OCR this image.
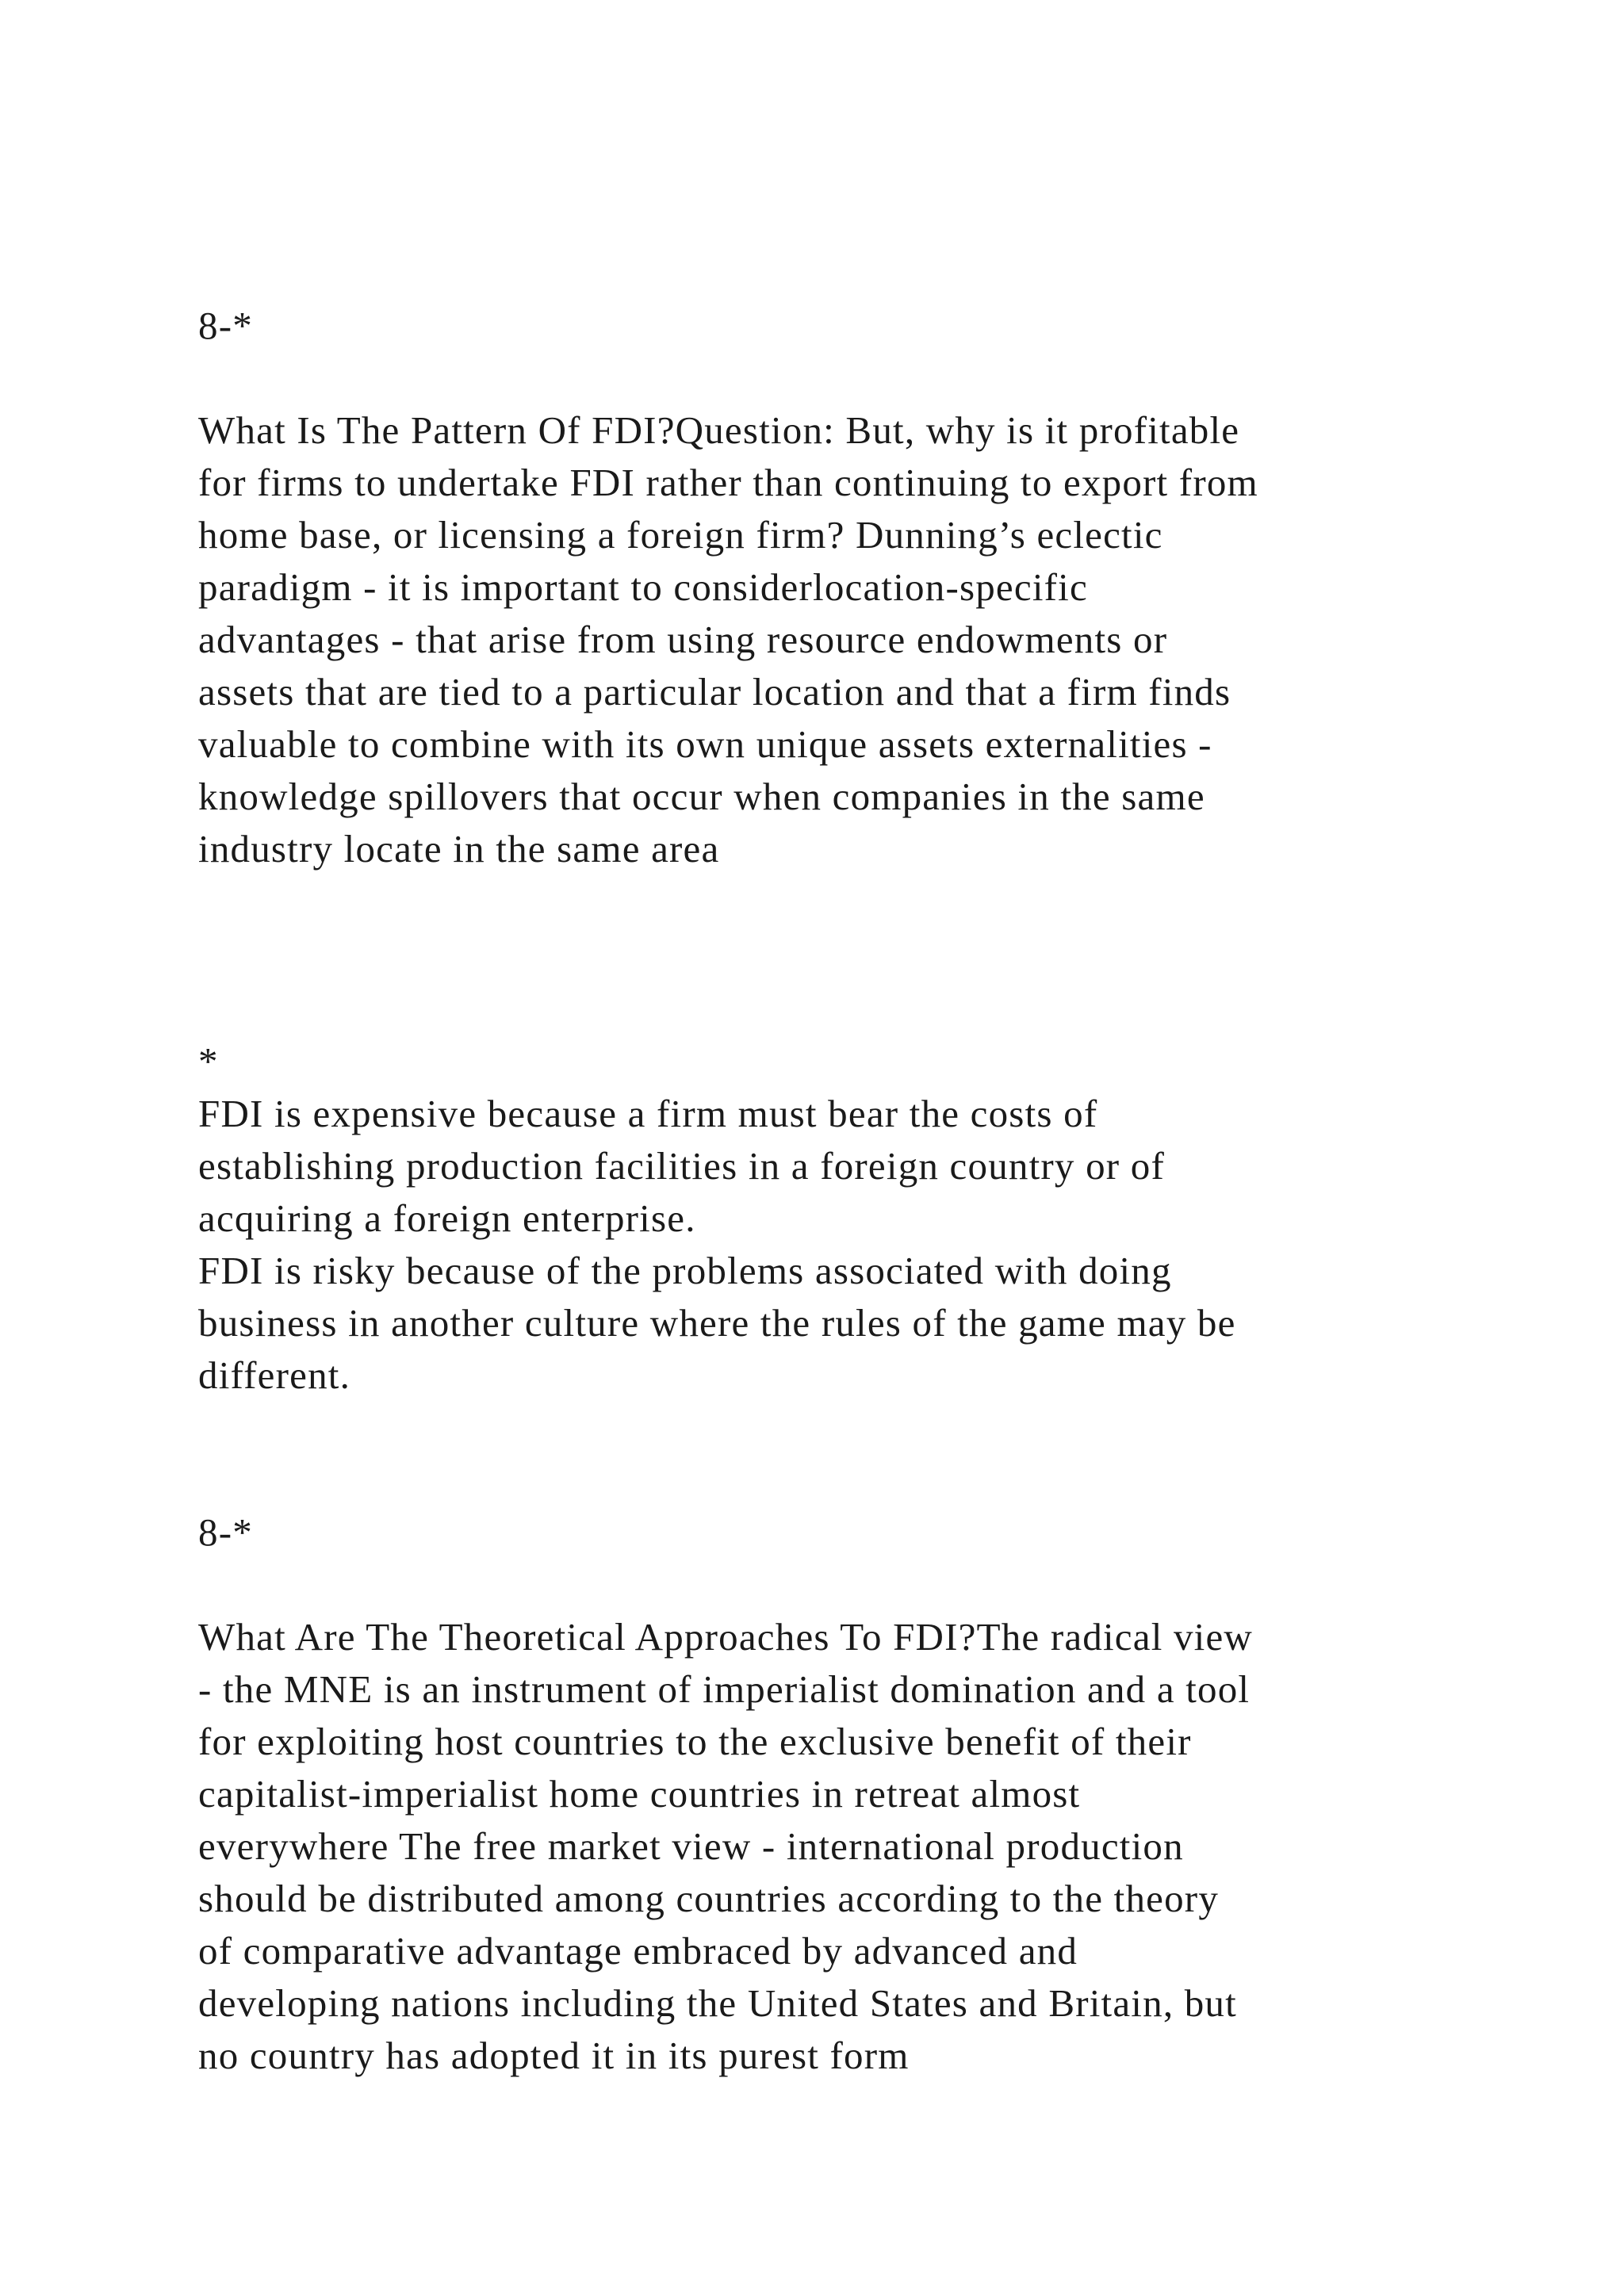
8-*

What Is The Pattern Of FDI?Question: But, why is it profitable
for firms to undertake FDI rather than continuing to export from
home base, or licensing a foreign firm? Dunning’s eclectic
paradigm - it is important to considerlocation-specific
advantages - that arise from using resource endowments or
assets that are tied to a particular location and that a firm finds
valuable to combine with its own unique assets externalities -
knowledge spillovers that occur when companies in the same
industry locate in the same area

*

FDI is expensive because a firm must bear the costs of
establishing production facilities in a foreign country or of
acquiring a foreign enterprise.
FDI is risky because of the problems associated with doing
business in another culture where the rules of the game may be
different.

8-*

What Are The Theoretical Approaches To FDI?The radical view
- the MNE is an instrument of imperialist domination and a tool
for exploiting host countries to the exclusive benefit of their
capitalist-imperialist home countries in retreat almost
everywhere The free market view - international production
should be distributed among countries according to the theory
of comparative advantage embraced by advanced and
developing nations including the United States and Britain, but
no country has adopted it in its purest form
